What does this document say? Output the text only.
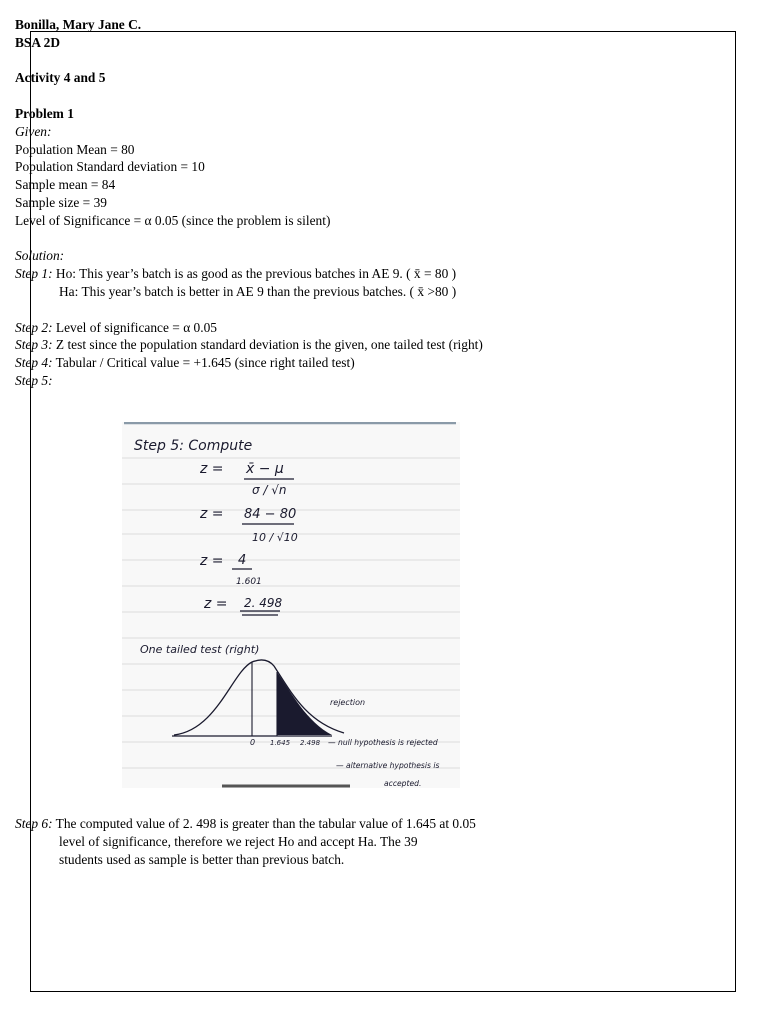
Bonilla, Mary Jane C.
BSA 2D
Activity 4 and 5
Problem 1
Given:
Population Mean = 80
Population Standard deviation = 10
Sample mean = 84
Sample size = 39
Level of Significance = α 0.05 (since the problem is silent)
Solution:
Step 1: Ho: This year’s batch is as good as the previous batches in AE 9. ( x̄ = 80 )
Ha: This year’s batch is better in AE 9 than the previous batches. ( x̄ >80 )
Step 2: Level of significance = α 0.05
Step 3: Z test since the population standard deviation is the given, one tailed test (right)
Step 4: Tabular / Critical value = +1.645 (since right tailed test)
Step 5:
Step 5: Compute
z = x̄ − μ
σ / √n
z = 84 − 80
10 / √10
z = 4
1.601
z = 2. 498
One tailed test (right)
rejection
0 1.645 2.498 — null hypothesis is rejected
— alternative hypothesis is
accepted.
Step 6: The computed value of 2. 498 is greater than the tabular value of 1.645 at 0.05
level of significance, therefore we reject Ho and accept Ha. The 39
students used as sample is better than previous batch.
